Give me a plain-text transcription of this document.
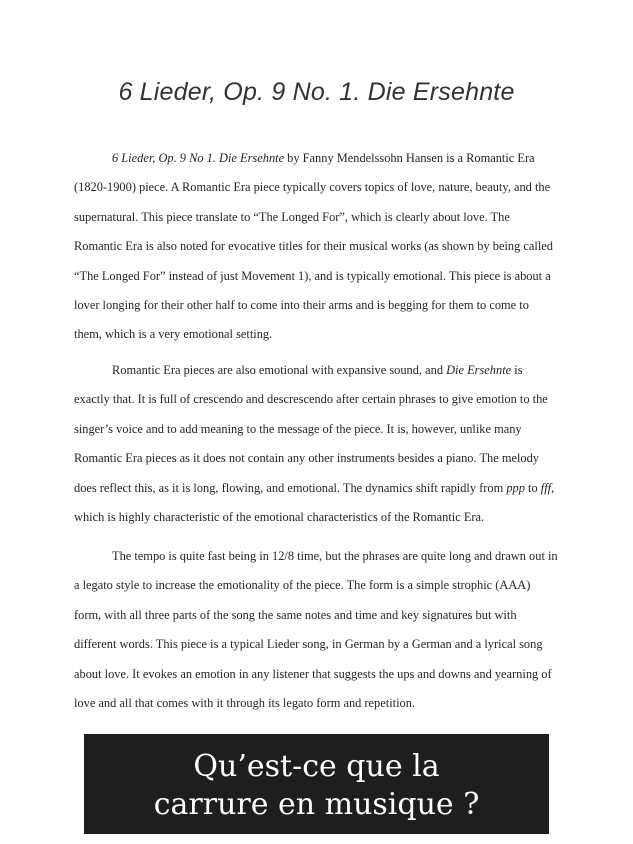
6 Lieder, Op. 9 No. 1. Die Ersehnte

6 Lieder, Op. 9 No 1. Die Ersehnte by Fanny Mendelssohn Hansen is a Romantic Era
(1820-1900) piece. A Romantic Era piece typically covers topics of love, nature, beauty, and the
supernatural. This piece translate to “The Longed For”, which is clearly about love. The
Romantic Era is also noted for evocative titles for their musical works (as shown by being called
“The Longed For” instead of just Movement 1), and is typically emotional. This piece is about a
lover longing for their other half to come into their arms and is begging for them to come to
them, which is a very emotional setting.

Romantic Era pieces are also emotional with expansive sound, and Die Ersehnte is
exactly that. It is full of crescendo and descrescendo after certain phrases to give emotion to the
singer’s voice and to add meaning to the message of the piece. It is, however, unlike many
Romantic Era pieces as it does not contain any other instruments besides a piano. The melody
does reflect this, as it is long, flowing, and emotional. The dynamics shift rapidly from ppp to fff,
which is highly characteristic of the emotional characteristics of the Romantic Era.

The tempo is quite fast being in 12/8 time, but the phrases are quite long and drawn out in
a legato style to increase the emotionality of the piece. The form is a simple strophic (AAA)
form, with all three parts of the song the same notes and time and key signatures but with
different words. This piece is a typical Lieder song, in German by a German and a lyrical song
about love. It evokes an emotion in any listener that suggests the ups and downs and yearning of
love and all that comes with it through its legato form and repetition.

Qu’est-ce que la
carrure en musique ?
